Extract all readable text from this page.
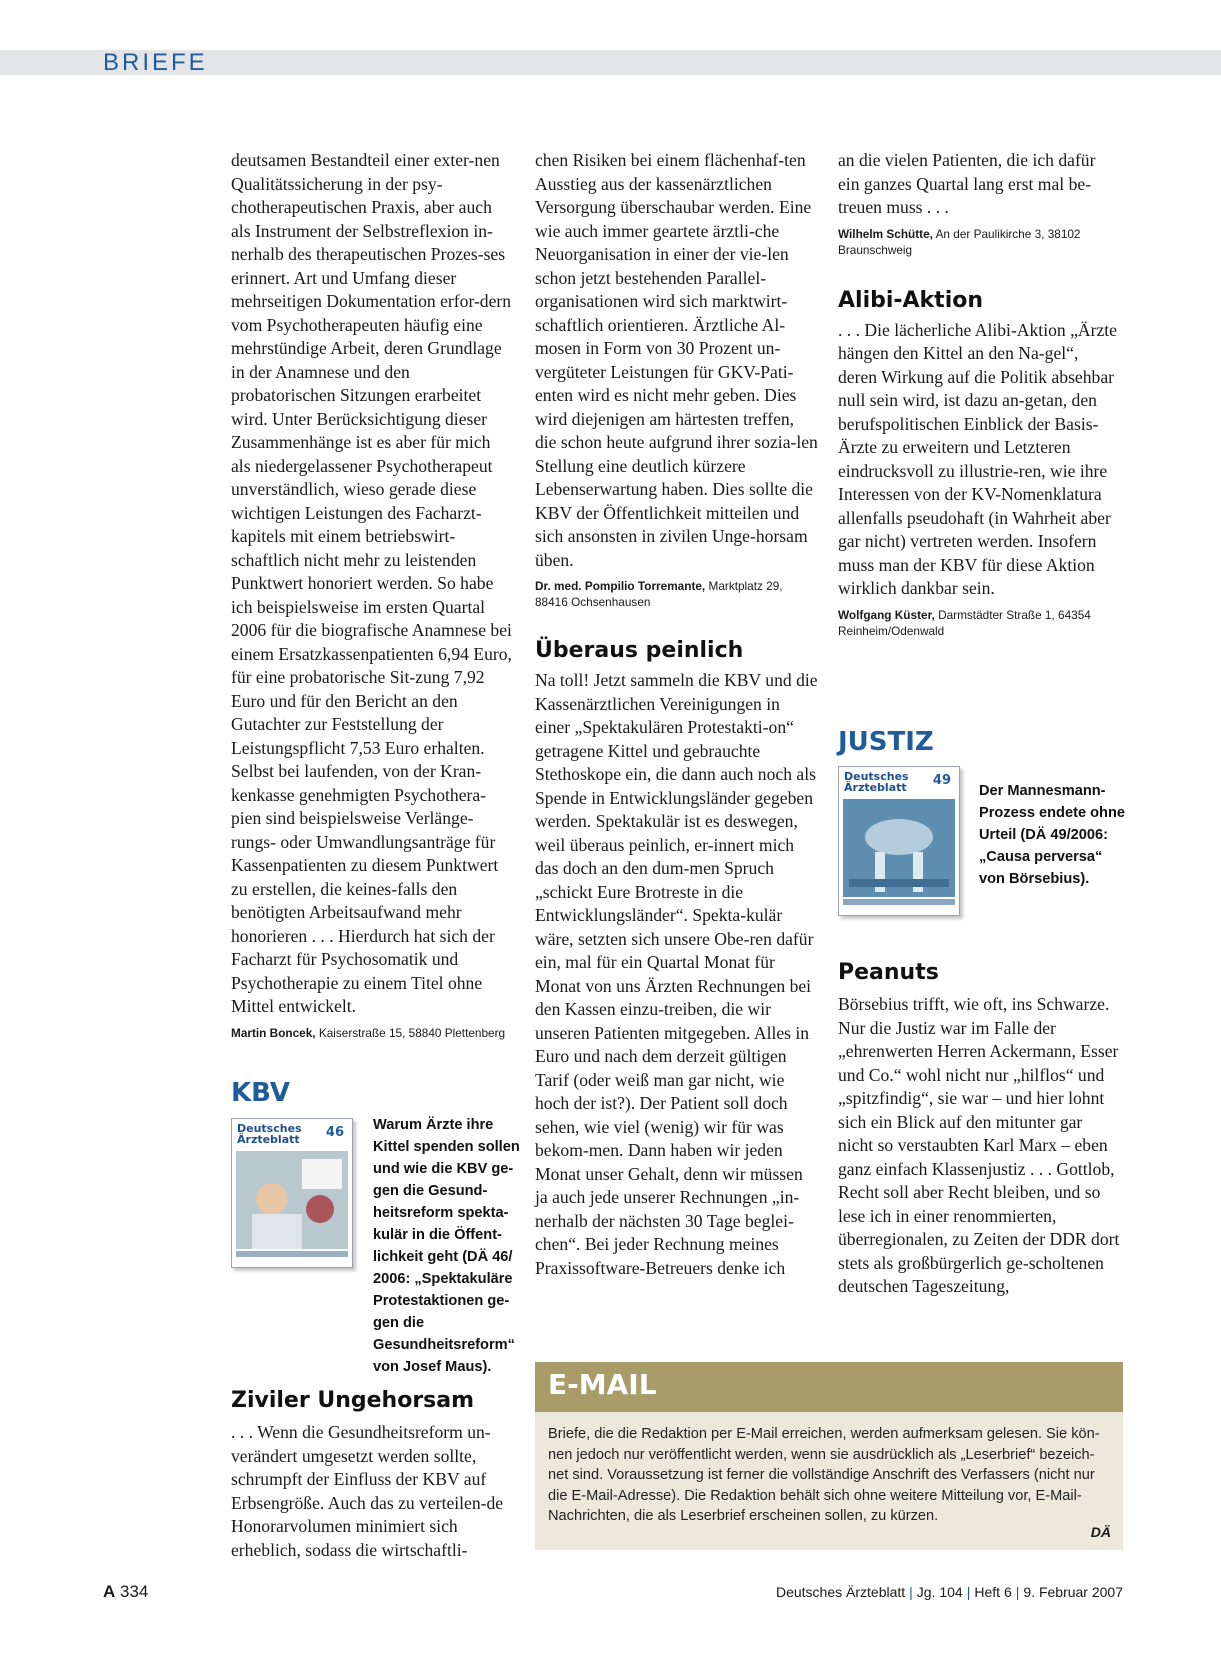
BRIEFE

deutsamen Bestandteil einer exter-nen Qualitätssicherung in der psy-chotherapeutischen Praxis, aber auch als Instrument der Selbstreflexion in-nerhalb des therapeutischen Prozes-ses erinnert. Art und Umfang dieser mehrseitigen Dokumentation erfor-dern vom Psychotherapeuten häufig eine mehrstündige Arbeit, deren Grundlage in der Anamnese und den probatorischen Sitzungen erarbeitet wird. Unter Berücksichtigung dieser Zusammenhänge ist es aber für mich als niedergelassener Psychotherapeut unverständlich, wieso gerade diese wichtigen Leistungen des Facharzt-kapitels mit einem betriebswirt-schaftlich nicht mehr zu leistenden Punktwert honoriert werden. So habe ich beispielsweise im ersten Quartal 2006 für die biografische Anamnese bei einem Ersatzkassenpatienten 6,94 Euro, für eine probatorische Sit-zung 7,92 Euro und für den Bericht an den Gutachter zur Feststellung der Leistungspflicht 7,53 Euro erhalten. Selbst bei laufenden, von der Kran-kenkasse genehmigten Psychothera-pien sind beispielsweise Verlänge-rungs- oder Umwandlungsanträge für Kassenpatienten zu diesem Punktwert zu erstellen, die keines-falls den benötigten Arbeitsaufwand mehr honorieren . . . Hierdurch hat sich der Facharzt für Psychosomatik und Psychotherapie zu einem Titel ohne Mittel entwickelt.

Martin Boncek, Kaiserstraße 15, 58840 Plettenberg

KBV
Deutsches Ärzteblatt 46 Warum Ärzte ihre Kittel spenden sollen und wie die KBV ge-gen die Gesund-heitsreform spekta-kulär in die Öffent-lichkeit geht (DÄ 46/ 2006: „Spektakuläre Protestaktionen ge-gen die Gesundheitsreform“ von Josef Maus).
Ziviler Ungehorsam

. . . Wenn die Gesundheitsreform un-verändert umgesetzt werden sollte, schrumpft der Einfluss der KBV auf Erbsengröße. Auch das zu verteilen-de Honorarvolumen minimiert sich erheblich, sodass die wirtschaftli-

chen Risiken bei einem flächenhaf-ten Ausstieg aus der kassenärztlichen Versorgung überschaubar werden. Eine wie auch immer geartete ärztli-che Neuorganisation in einer der vie-len schon jetzt bestehenden Parallel-organisationen wird sich marktwirt-schaftlich orientieren. Ärztliche Al-mosen in Form von 30 Prozent un-vergüteter Leistungen für GKV-Pati-enten wird es nicht mehr geben. Dies wird diejenigen am härtesten treffen, die schon heute aufgrund ihrer sozia-len Stellung eine deutlich kürzere Lebenserwartung haben. Dies sollte die KBV der Öffentlichkeit mitteilen und sich ansonsten in zivilen Unge-horsam üben.

Dr. med. Pompilio Torremante, Marktplatz 29, 88416 Ochsenhausen

Überaus peinlich

Na toll! Jetzt sammeln die KBV und die Kassenärztlichen Vereinigungen in einer „Spektakulären Protestakti-on“ getragene Kittel und gebrauchte Stethoskope ein, die dann auch noch als Spende in Entwicklungsländer gegeben werden. Spektakulär ist es deswegen, weil überaus peinlich, er-innert mich das doch an den dum-men Spruch „schickt Eure Brotreste in die Entwicklungsländer“. Spekta-kulär wäre, setzten sich unsere Obe-ren dafür ein, mal für ein Quartal Monat für Monat von uns Ärzten Rechnungen bei den Kassen einzu-treiben, die wir unseren Patienten mitgegeben. Alles in Euro und nach dem derzeit gültigen Tarif (oder weiß man gar nicht, wie hoch der ist?). Der Patient soll doch sehen, wie viel (wenig) wir für was bekom-men. Dann haben wir jeden Monat unser Gehalt, denn wir müssen ja auch jede unserer Rechnungen „in-nerhalb der nächsten 30 Tage beglei-chen“. Bei jeder Rechnung meines Praxissoftware-Betreuers denke ich

an die vielen Patienten, die ich dafür ein ganzes Quartal lang erst mal be-treuen muss . . .

Wilhelm Schütte, An der Paulikirche 3, 38102 Braunschweig

Alibi-Aktion

. . . Die lächerliche Alibi-Aktion „Ärzte hängen den Kittel an den Na-gel“, deren Wirkung auf die Politik absehbar null sein wird, ist dazu an-getan, den berufspolitischen Einblick der Basis-Ärzte zu erweitern und Letzteren eindrucksvoll zu illustrie-ren, wie ihre Interessen von der KV-Nomenklatura allenfalls pseudohaft (in Wahrheit aber gar nicht) vertreten werden. Insofern muss man der KBV für diese Aktion wirklich dankbar sein.

Wolfgang Küster, Darmstädter Straße 1, 64354 Reinheim/Odenwald

JUSTIZ
Deutsches Ärzteblatt 49
Der Mannesmann-Prozess endete ohne Urteil (DÄ 49/2006: „Causa perversa“ von Börsebius).
Peanuts

Börsebius trifft, wie oft, ins Schwarze. Nur die Justiz war im Falle der „ehrenwerten Herren Ackermann, Esser und Co.“ wohl nicht nur „hilflos“ und „spitzfindig“, sie war – und hier lohnt sich ein Blick auf den mitunter gar nicht so verstaubten Karl Marx – eben ganz einfach Klassenjustiz . . . Gottlob, Recht soll aber Recht bleiben, und so lese ich in einer renommierten, überregionalen, zu Zeiten der DDR dort stets als großbürgerlich ge-scholtenen deutschen Tageszeitung,

E-MAIL

Briefe, die die Redaktion per E-Mail erreichen, werden aufmerksam gelesen. Sie kön-nen jedoch nur veröffentlicht werden, wenn sie ausdrücklich als „Leserbrief“ bezeich-net sind. Voraussetzung ist ferner die vollständige Anschrift des Verfassers (nicht nur die E-Mail-Adresse). Die Redaktion behält sich ohne weitere Mitteilung vor, E-Mail-Nachrichten, die als Leserbrief erscheinen sollen, zu kürzen.

DÄ
A 334	Deutsches Ärzteblatt | Jg. 104 | Heft 6 | 9. Februar 2007
